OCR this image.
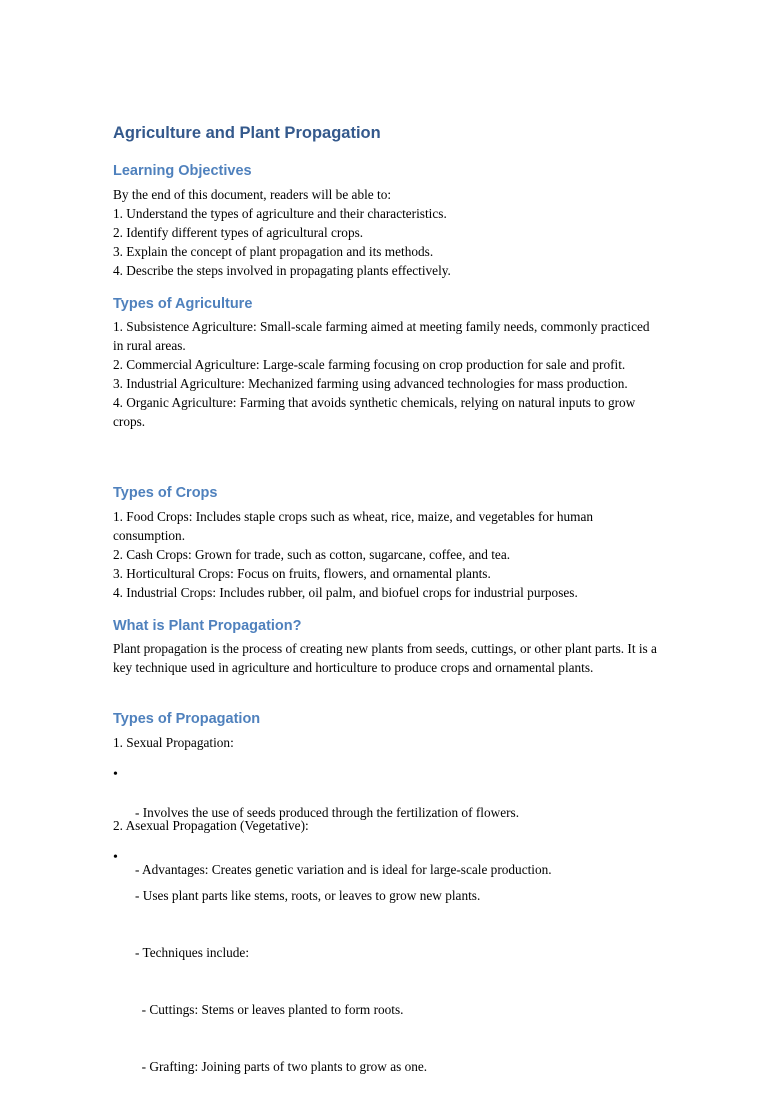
Agriculture and Plant Propagation
Learning Objectives

By the end of this document, readers will be able to:

1. Understand the types of agriculture and their characteristics.

2. Identify different types of agricultural crops.

3. Explain the concept of plant propagation and its methods.

4. Describe the steps involved in propagating plants effectively.

Types of Agriculture

1. Subsistence Agriculture: Small-scale farming aimed at meeting family needs, commonly practiced in rural areas.

2. Commercial Agriculture: Large-scale farming focusing on crop production for sale and profit.

3. Industrial Agriculture: Mechanized farming using advanced technologies for mass production.

4. Organic Agriculture: Farming that avoids synthetic chemicals, relying on natural inputs to grow crops.

Types of Crops

1. Food Crops: Includes staple crops such as wheat, rice, maize, and vegetables for human consumption.

2. Cash Crops: Grown for trade, such as cotton, sugarcane, coffee, and tea.

3. Horticultural Crops: Focus on fruits, flowers, and ornamental plants.

4. Industrial Crops: Includes rubber, oil palm, and biofuel crops for industrial purposes.

What is Plant Propagation?

Plant propagation is the process of creating new plants from seeds, cuttings, or other plant parts. It is a key technique used in agriculture and horticulture to produce crops and ornamental plants.

Types of Propagation
1. Sexual Propagation:
•

- Involves the use of seeds produced through the fertilization of flowers.

- Advantages: Creates genetic variation and is ideal for large-scale production.

2. Asexual Propagation (Vegetative):
•

- Uses plant parts like stems, roots, or leaves to grow new plants.

- Techniques include:

- Cuttings: Stems or leaves planted to form roots.

- Grafting: Joining parts of two plants to grow as one.
